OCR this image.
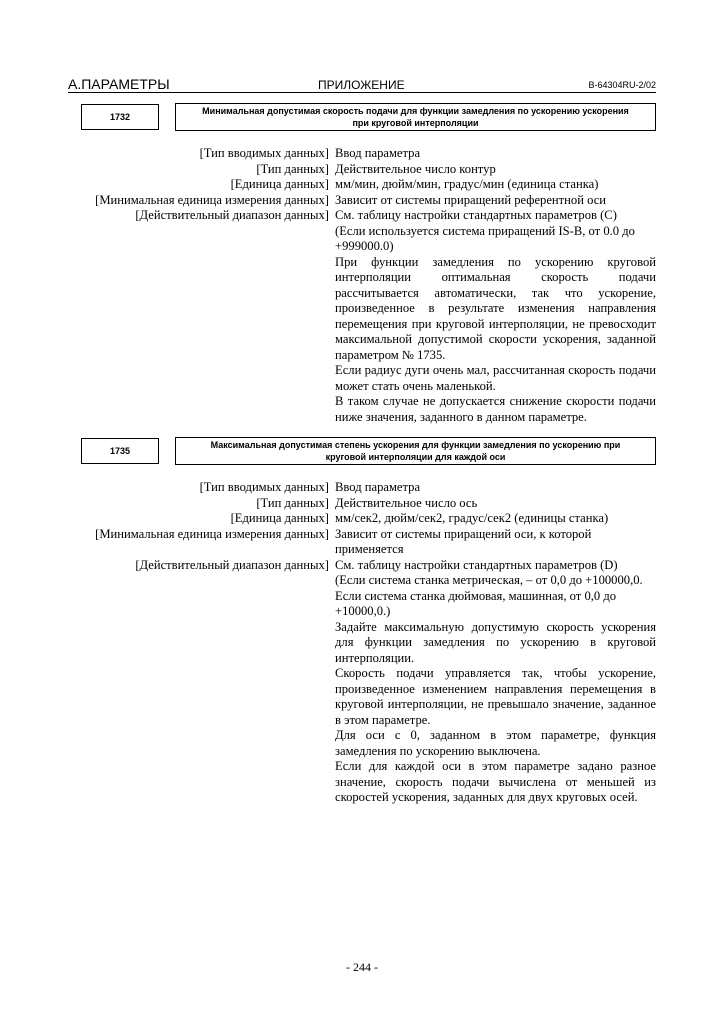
А.ПАРАМЕТРЫ	ПРИЛОЖЕНИЕ	B-64304RU-2/02
1732
Минимальная допустимая скорость подачи для функции замедления по ускорению ускорения
при круговой интерполяции
[Тип вводимых данных] Ввод параметра
[Тип данных] Действительное число контур
[Единица данных] мм/мин, дюйм/мин, градус/мин (единица станка)
[Минимальная единица измерения данных] Зависит от системы приращений референтной оси
[Действительный диапазон данных] См. таблицу настройки стандартных параметров (C)

(Если используется система приращений IS-B, от 0.0 до +999000.0)

При функции замедления по ускорению круговой интерполяции оптимальная скорость подачи рассчитывается автоматически, так что ускорение, произведенное в результате изменения направления перемещения при круговой интерполяции, не превосходит максимальной допустимой скорости ускорения, заданной параметром № 1735.

Если радиус дуги очень мал, рассчитанная скорость подачи может стать очень маленькой.

В таком случае не допускается снижение скорости подачи ниже значения, заданного в данном параметре.

1735
Максимальная допустимая степень ускорения для функции замедления по ускорению при
круговой интерполяции для каждой оси
[Тип вводимых данных] Ввод параметра
[Тип данных] Действительное число ось
[Единица данных] мм/сек2, дюйм/сек2, градус/сек2 (единицы станка)
[Минимальная единица измерения данных] Зависит от системы приращений оси, к которой применяется

[Действительный диапазон данных] См. таблицу настройки стандартных параметров (D)

(Если система станка метрическая, – от 0,0 до +100000,0. Если система станка дюймовая, машинная, от 0,0 до +10000,0.)

Задайте максимальную допустимую скорость ускорения для функции замедления по ускорению в круговой интерполяции.

Скорость подачи управляется так, чтобы ускорение, произведенное изменением направления перемещения в круговой интерполяции, не превышало значение, заданное в этом параметре.

Для оси с 0, заданном в этом параметре, функция замедления по ускорению выключена.

Если для каждой оси в этом параметре задано разное значение, скорость подачи вычислена от меньшей из скоростей ускорения, заданных для двух круговых осей.

- 244 -
